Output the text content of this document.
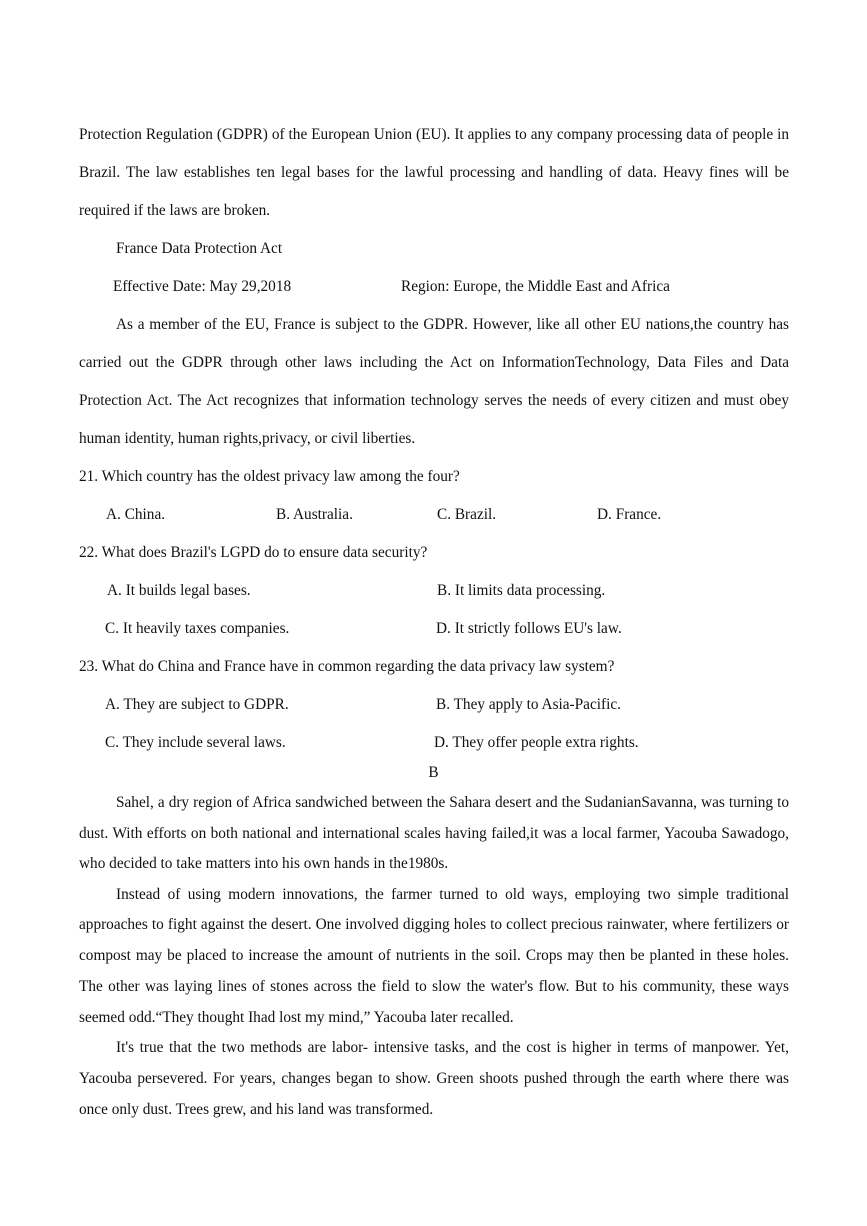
Protection Regulation (GDPR) of the European Union (EU). It applies to any company processing data of people in
Brazil. The law establishes ten legal bases for the lawful processing and handling of data. Heavy fines will be
required if the laws are broken.
France Data Protection Act
Effective Date: May 29,2018	Region: Europe, the Middle East and Africa
As a member of the EU, France is subject to the GDPR. However, like all other EU nations,the country has
carried out the GDPR through other laws including the Act on InformationTechnology, Data Files and Data
Protection Act. The Act recognizes that information technology serves the needs of every citizen and must obey
human identity, human rights,privacy, or civil liberties.
21. Which country has the oldest privacy law among the four?
A. China.	B. Australia.	C. Brazil.	D. France.
22. What does Brazil's LGPD do to ensure data security?
A. It builds legal bases.	B. It limits data processing.
C. It heavily taxes companies.	D. It strictly follows EU's law.
23. What do China and France have in common regarding the data privacy law system?
A. They are subject to GDPR.	B. They apply to Asia-Pacific.
C. They include several laws.	D. They offer people extra rights.
B
Sahel, a dry region of Africa sandwiched between the Sahara desert and the SudanianSavanna, was turning to
dust. With efforts on both national and international scales having failed,it was a local farmer, Yacouba Sawadogo,
who decided to take matters into his own hands in the1980s.
Instead of using modern innovations, the farmer turned to old ways, employing two simple traditional
approaches to fight against the desert. One involved digging holes to collect precious rainwater, where fertilizers or
compost may be placed to increase the amount of nutrients in the soil. Crops may then be planted in these holes.
The other was laying lines of stones across the field to slow the water's flow. But to his community, these ways
seemed odd.“They thought Ihad lost my mind,” Yacouba later recalled.
It's true that the two methods are labor- intensive tasks, and the cost is higher in terms of manpower. Yet,
Yacouba persevered. For years, changes began to show. Green shoots pushed through the earth where there was
once only dust. Trees grew, and his land was transformed.
